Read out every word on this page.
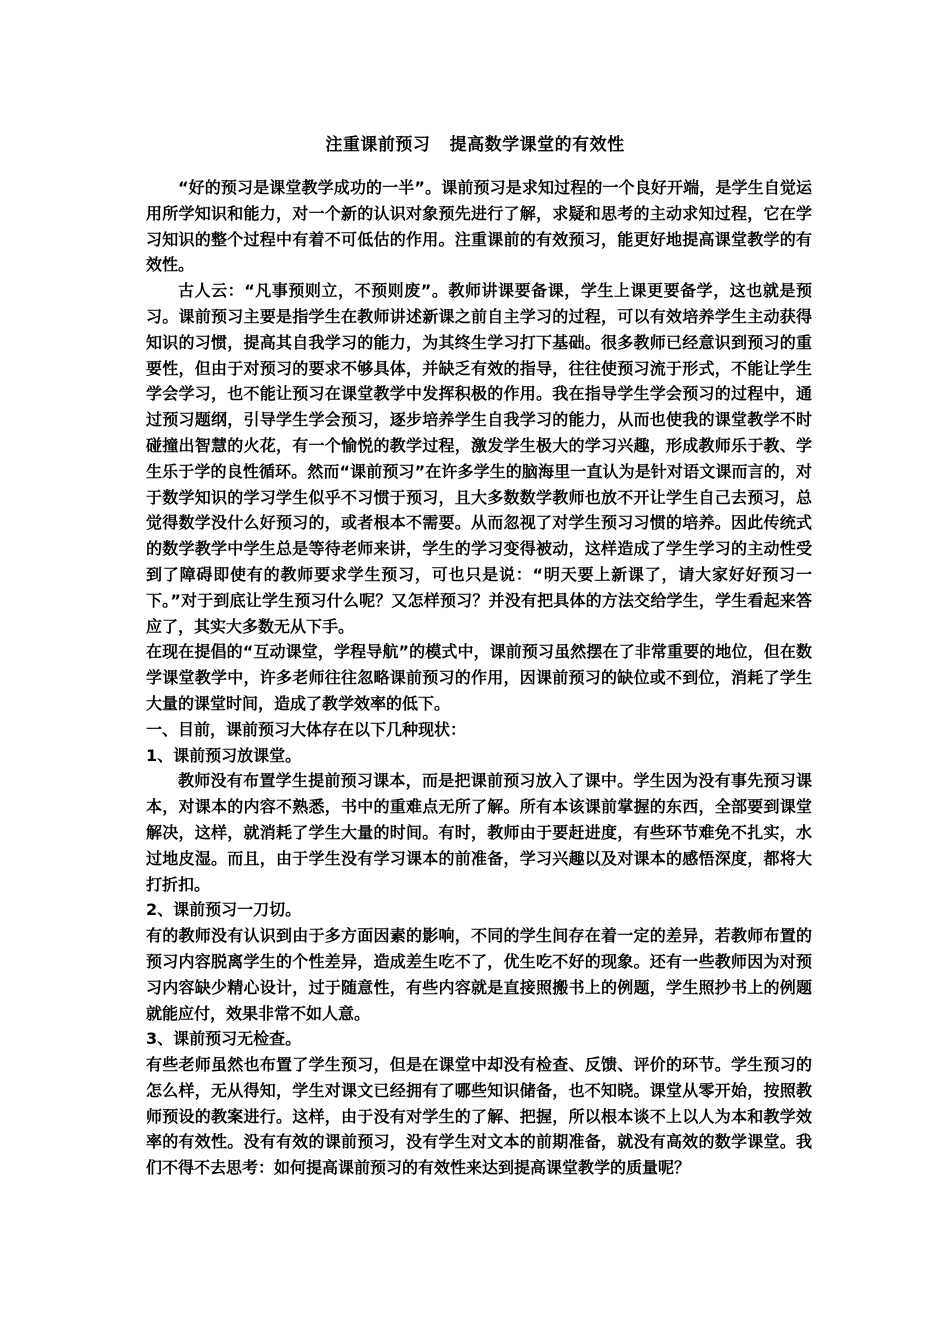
注重课前预习   提高数学课堂的有效性

“好的预习是课堂教学成功的一半”。课前预习是求知过程的一个良好开端，是学生自觉运用所学知识和能力，对一个新的认识对象预先进行了解，求疑和思考的主动求知过程，它在学习知识的整个过程中有着不可低估的作用。注重课前的有效预习，能更好地提高课堂教学的有效性。

古人云：“凡事预则立，不预则废”。教师讲课要备课，学生上课更要备学，这也就是预习。课前预习主要是指学生在教师讲述新课之前自主学习的过程，可以有效培养学生主动获得知识的习惯，提高其自我学习的能力，为其终生学习打下基础。很多教师已经意识到预习的重要性，但由于对预习的要求不够具体，并缺乏有效的指导，往往使预习流于形式，不能让学生学会学习，也不能让预习在课堂教学中发挥积极的作用。我在指导学生学会预习的过程中，通过预习题纲，引导学生学会预习，逐步培养学生自我学习的能力，从而也使我的课堂教学不时碰撞出智慧的火花，有一个愉悦的教学过程，激发学生极大的学习兴趣，形成教师乐于教、学生乐于学的良性循环。然而“课前预习”在许多学生的脑海里一直认为是针对语文课而言的，对于数学知识的学习学生似乎不习惯于预习，且大多数数学教师也放不开让学生自己去预习，总觉得数学没什么好预习的，或者根本不需要。从而忽视了对学生预习习惯的培养。因此传统式的数学教学中学生总是等待老师来讲，学生的学习变得被动，这样造成了学生学习的主动性受到了障碍即使有的教师要求学生预习，可也只是说：“明天要上新课了，请大家好好预习一下。”对于到底让学生预习什么呢？又怎样预习？并没有把具体的方法交给学生，学生看起来答应了，其实大多数无从下手。

在现在提倡的“互动课堂，学程导航”的模式中，课前预习虽然摆在了非常重要的地位，但在数学课堂教学中，许多老师往往忽略课前预习的作用，因课前预习的缺位或不到位，消耗了学生大量的课堂时间，造成了教学效率的低下。

一、目前，课前预习大体存在以下几种现状：

1、课前预习放课堂。

教师没有布置学生提前预习课本，而是把课前预习放入了课中。学生因为没有事先预习课本，对课本的内容不熟悉，书中的重难点无所了解。所有本该课前掌握的东西，全部要到课堂解决，这样，就消耗了学生大量的时间。有时，教师由于要赶进度，有些环节难免不扎实，水过地皮湿。而且，由于学生没有学习课本的前准备，学习兴趣以及对课本的感悟深度，都将大打折扣。

2、课前预习一刀切。

有的教师没有认识到由于多方面因素的影响，不同的学生间存在着一定的差异，若教师布置的预习内容脱离学生的个性差异，造成差生吃不了，优生吃不好的现象。还有一些教师因为对预习内容缺少精心设计，过于随意性，有些内容就是直接照搬书上的例题，学生照抄书上的例题就能应付，效果非常不如人意。

3、课前预习无检查。

有些老师虽然也布置了学生预习，但是在课堂中却没有检查、反馈、评价的环节。学生预习的怎么样，无从得知，学生对课文已经拥有了哪些知识储备，也不知晓。课堂从零开始，按照教师预设的教案进行。这样，由于没有对学生的了解、把握，所以根本谈不上以人为本和教学效率的有效性。没有有效的课前预习，没有学生对文本的前期准备，就没有高效的数学课堂。我们不得不去思考：如何提高课前预习的有效性来达到提高课堂教学的质量呢？
